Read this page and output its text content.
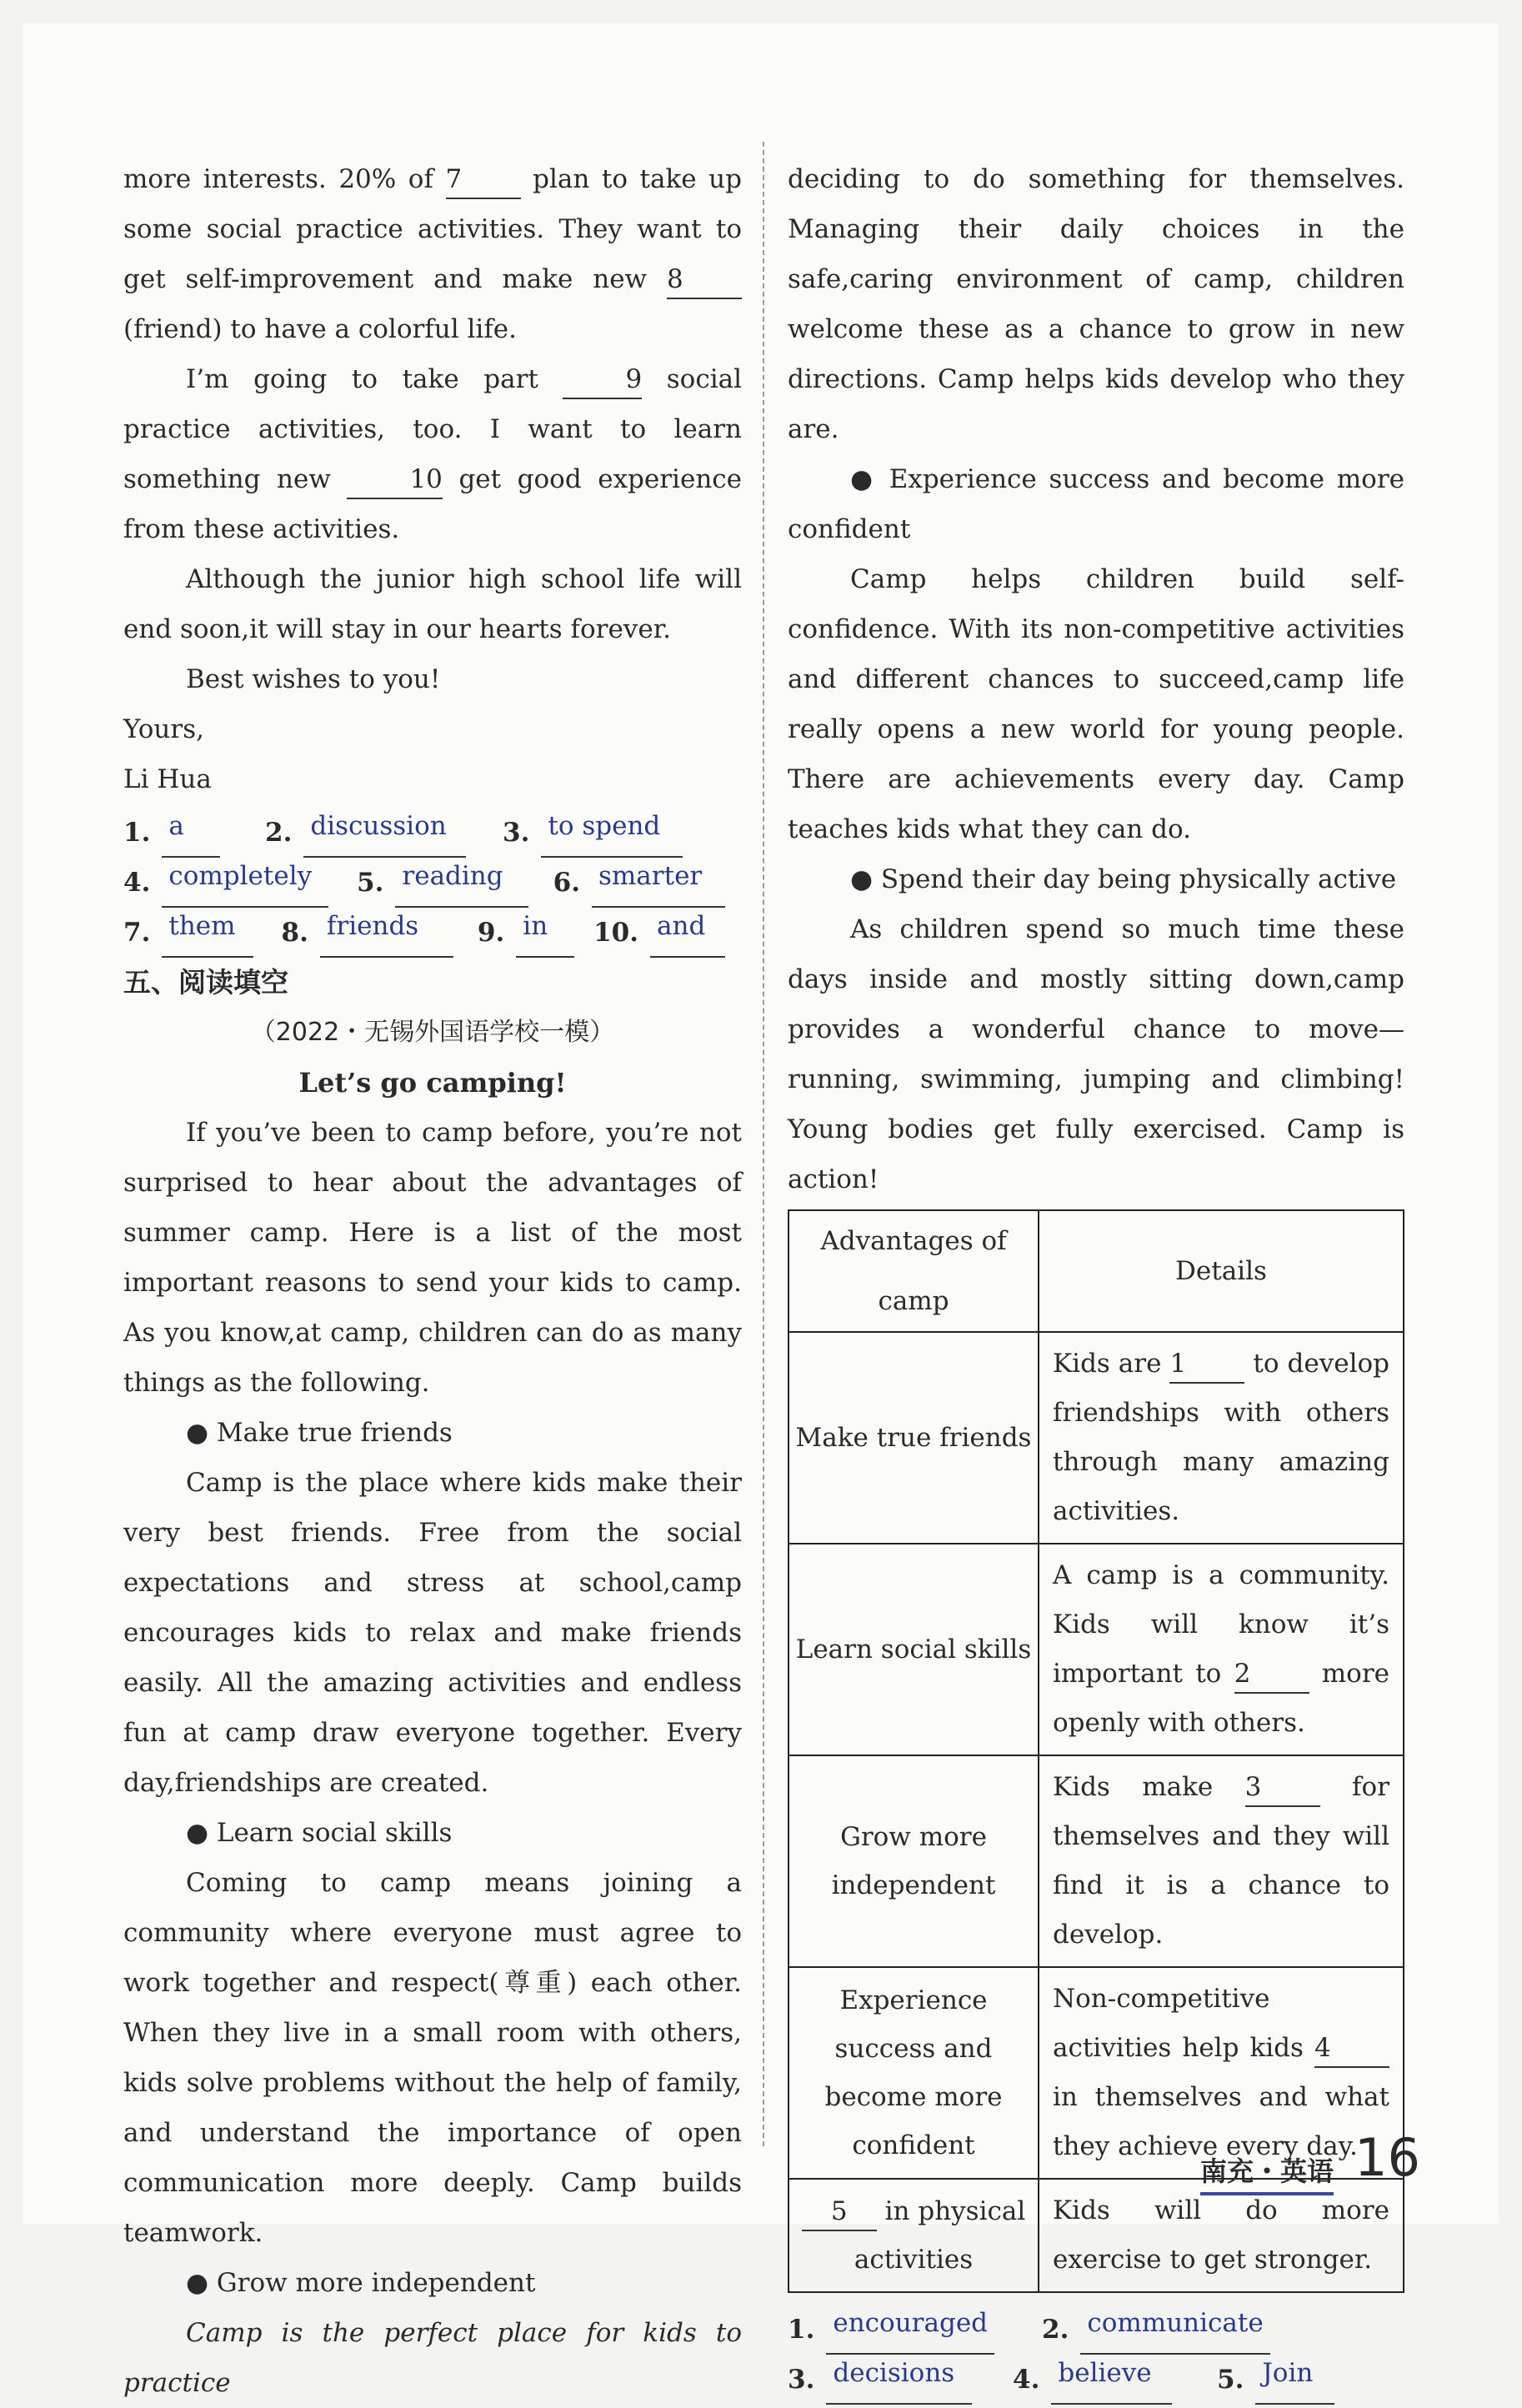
more interests. 20% of 7	plan to take up some social practice activities. They want to get self-improvement and make new 8 (friend) to have a colorful life.

I’m going to take part	9 social practice activities, too. I want to learn something new	10 get good experience from these activities.

Although the junior high school life will end soon,it will stay in our hearts forever.

Best wishes to you!

Yours,

Li Hua

1. a	2. discussion	3. to spend
4. completely	5. reading	6. smarter
7. them	8. friends	9. in	10. and
五、阅读填空
（2022・无锡外国语学校一模）
Let’s go camping!

If you’ve been to camp before, you’re not surprised to hear about the advantages of summer camp. Here is a list of the most important reasons to send your kids to camp. As you know,at camp, children can do as many things as the following.

● Make true friends

Camp is the place where kids make their very best friends. Free from the social expectations and stress at school,camp encourages kids to relax and make friends easily. All the amazing activities and endless fun at camp draw everyone together. Every day,friendships are created.

● Learn social skills

Coming to camp means joining a community where everyone must agree to work together and respect(尊重) each other. When they live in a small room with others, kids solve problems without the help of family, and understand the importance of open communication more deeply. Camp builds teamwork.

● Grow more independent

Camp is the perfect place for kids to practice

deciding to do something for themselves. Managing their daily choices in the safe,caring environment of camp, children welcome these as a chance to grow in new directions. Camp helps kids develop who they are.

● Experience success and become more confident

Camp helps children build self-confidence. With its non-competitive activities and different chances to succeed,camp life really opens a new world for young people. There are achievements every day. Camp teaches kids what they can do.

● Spend their day being physically active

As children spend so much time these days inside and mostly sitting down,camp provides a wonderful chance to move—running, swimming, jumping and climbing! Young bodies get fully exercised. Camp is action!

Advantages of camp	Details
Make true friends	Kids are 1 to develop friendships with others through many amazing activities.
Learn social skills	A camp is a community. Kids will know it’s important to 2 more openly with others.
Grow more independent	Kids make 3 for themselves and they will find it is a chance to develop.
Experience success and become more confident	Non-competitive activities help kids 4 in themselves and what they achieve every day.
5 in physical activities	Kids will do more exercise to get stronger.
1. encouraged 2. communicate
3. decisions	4. believe	5. Join
南充・英语 16
